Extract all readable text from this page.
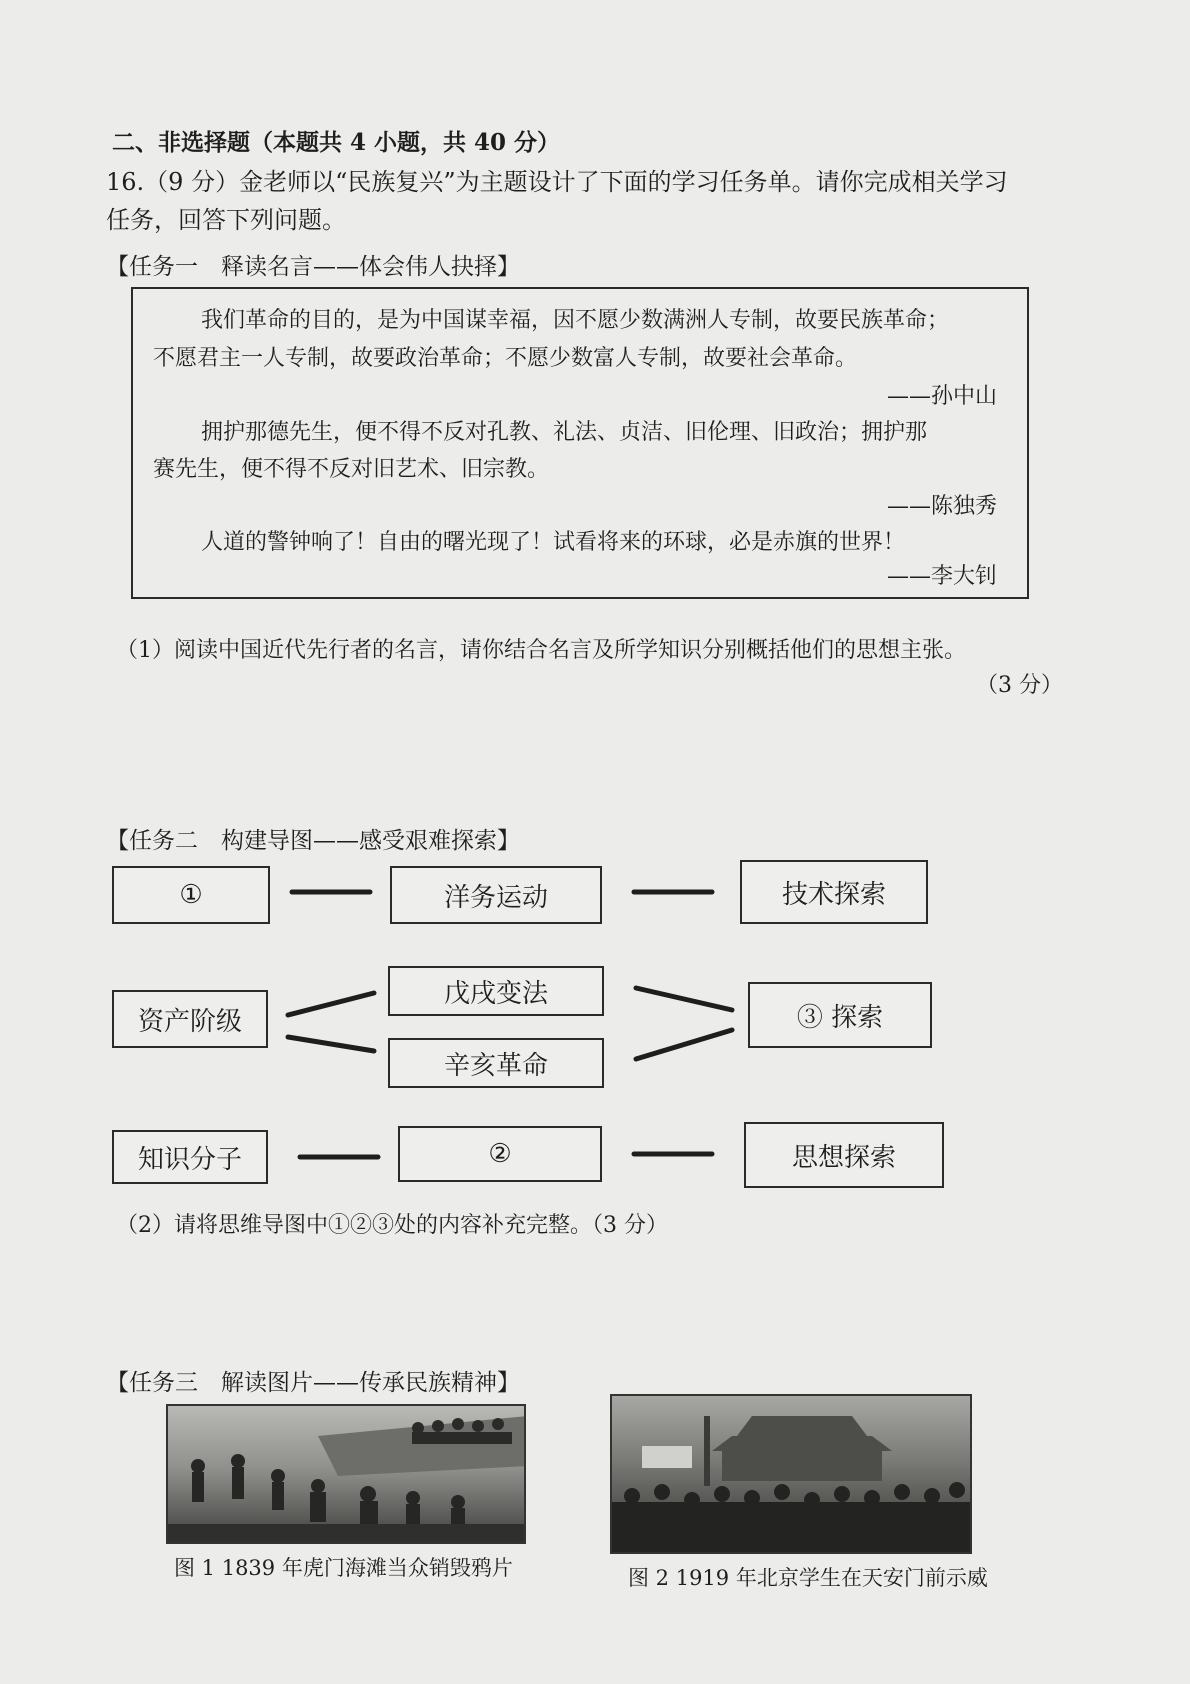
二、非选择题（本题共 4 小题，共 40 分）
16.（9 分）金老师以“民族复兴”为主题设计了下面的学习任务单。请你完成相关学习
任务，回答下列问题。
【任务一　释读名言——体会伟人抉择】
我们革命的目的，是为中国谋幸福，因不愿少数满洲人专制，故要民族革命；
不愿君主一人专制，故要政治革命；不愿少数富人专制，故要社会革命。
——孙中山
拥护那德先生，便不得不反对孔教、礼法、贞洁、旧伦理、旧政治；拥护那
赛先生，便不得不反对旧艺术、旧宗教。
——陈独秀
人道的警钟响了！自由的曙光现了！试看将来的环球，必是赤旗的世界！
——李大钊
（1）阅读中国近代先行者的名言，请你结合名言及所学知识分别概括他们的思想主张。
（3 分）
【任务二　构建导图——感受艰难探索】
①	洋务运动	技术探索
资产阶级
戊戌变法
辛亥革命
③ 探索
知识分子	②	思想探索
（2）请将思维导图中①②③处的内容补充完整。（3 分）
【任务三　解读图片——传承民族精神】
图 1 1839 年虎门海滩当众销毁鸦片	图 2 1919 年北京学生在天安门前示威
